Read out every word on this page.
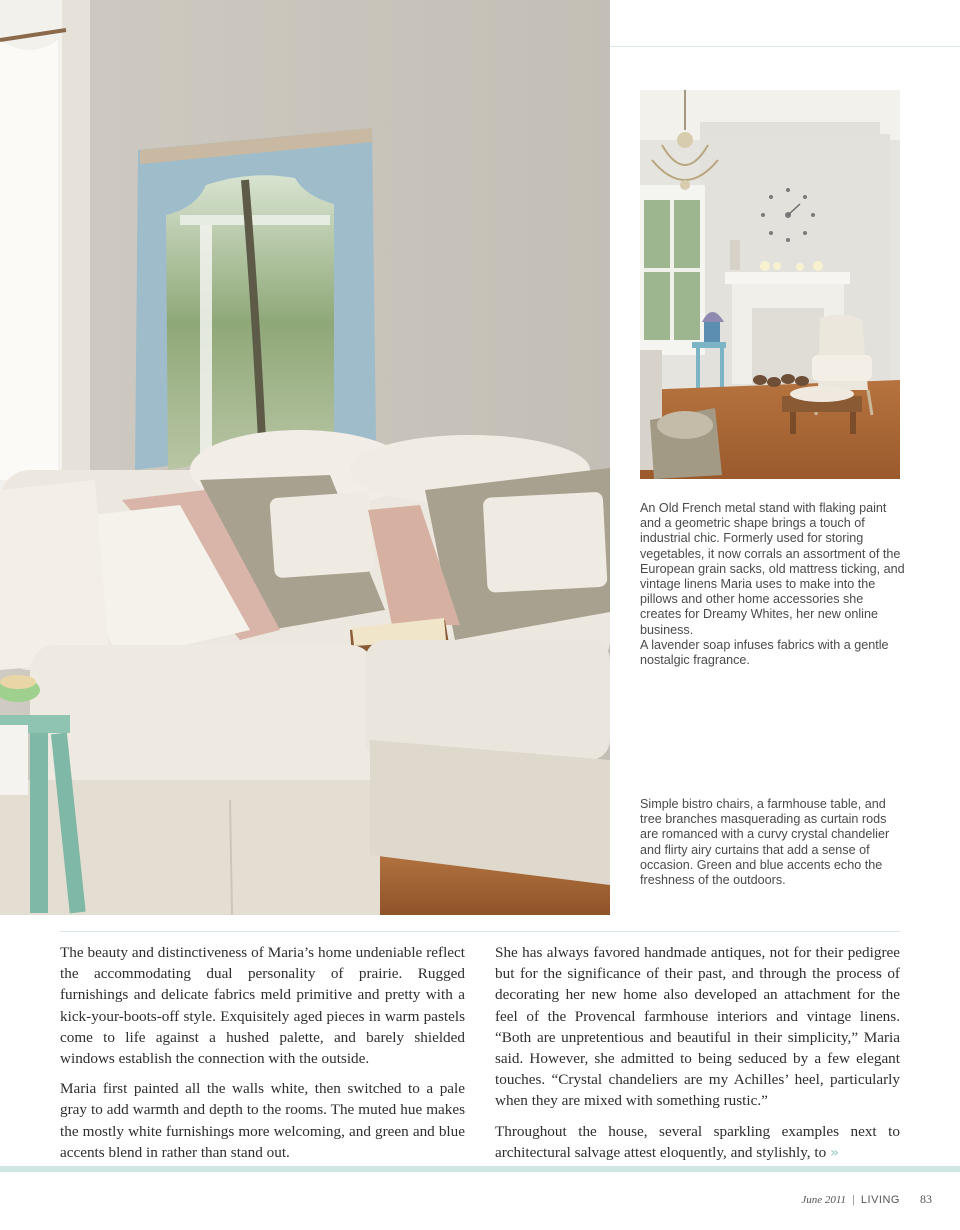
An Old French metal stand with flaking paint and a geometric shape brings a touch of industrial chic. Formerly used for storing vegetables, it now corrals an assortment of the European grain sacks, old mattress ticking, and vintage linens Maria uses to make into the pillows and other home accessories she creates for Dreamy Whites, her new online business.

A lavender soap infuses fabrics with a gentle nostalgic fragrance.

Simple bistro chairs, a farmhouse table, and tree branches masquerading as curtain rods are romanced with a curvy crystal chandelier and flirty airy curtains that add a sense of occasion. Green and blue accents echo the freshness of the outdoors.

The beauty and distinctiveness of Maria’s home undeniable reflect the accommodating dual personality of prairie. Rugged furnishings and delicate fabrics meld primitive and pretty with a kick-your-boots-off style. Exquisitely aged pieces in warm pastels come to life against a hushed palette, and barely shielded windows establish the connection with the outside.

Maria first painted all the walls white, then switched to a pale gray to add warmth and depth to the rooms. The muted hue makes the mostly white furnishings more welcoming, and green and blue accents blend in rather than stand out.

She has always favored handmade antiques, not for their pedigree but for the significance of their past, and through the process of decorating her new home also developed an attachment for the feel of the Provencal farmhouse interiors and vintage linens. “Both are unpretentious and beautiful in their simplicity,” Maria said. However, she admitted to being seduced by a few elegant touches. “Crystal chandeliers are my Achilles’ heel, particularly when they are mixed with something rustic.”

Throughout the house, several sparkling examples next to architectural salvage attest eloquently, and stylishly, to »

June 2011 | LIVING 83
